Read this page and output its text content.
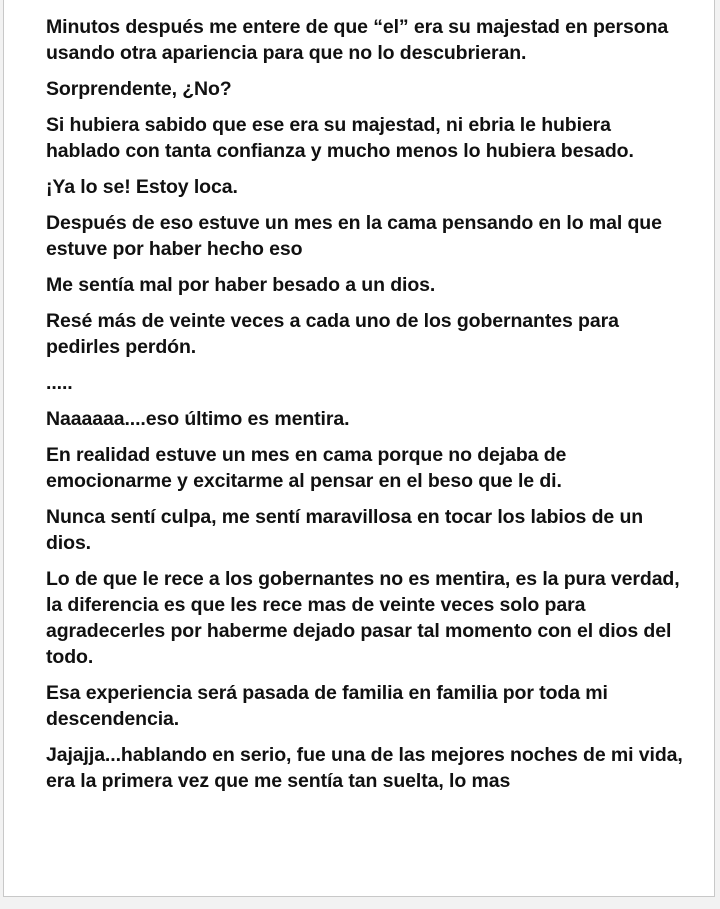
Minutos después me entere de que “el” era su majestad en persona usando otra apariencia para que no lo descubrieran.

Sorprendente, ¿No?

Si hubiera sabido que ese era su majestad, ni ebria le hubiera hablado con tanta confianza y mucho menos lo hubiera besado.

¡Ya lo se! Estoy loca.

Después de eso estuve un mes en la cama pensando en lo mal que estuve por haber hecho eso

Me sentía mal por haber besado a un dios.

Resé más de veinte veces a cada uno de los gobernantes para pedirles perdón.

.....

Naaaaaa....eso último es mentira.

En realidad estuve un mes en cama porque no dejaba de emocionarme y excitarme al pensar en el beso que le di.

Nunca sentí culpa, me sentí maravillosa en tocar los labios de un dios.

Lo de que le rece a los gobernantes no es mentira, es la pura verdad, la diferencia es que les rece mas de veinte veces solo para agradecerles por haberme dejado pasar tal momento con el dios del todo.

Esa experiencia será pasada de familia en familia por toda mi descendencia.

Jajajja...hablando en serio, fue una de las mejores noches de mi vida, era la primera vez que me sentía tan suelta, lo mas
